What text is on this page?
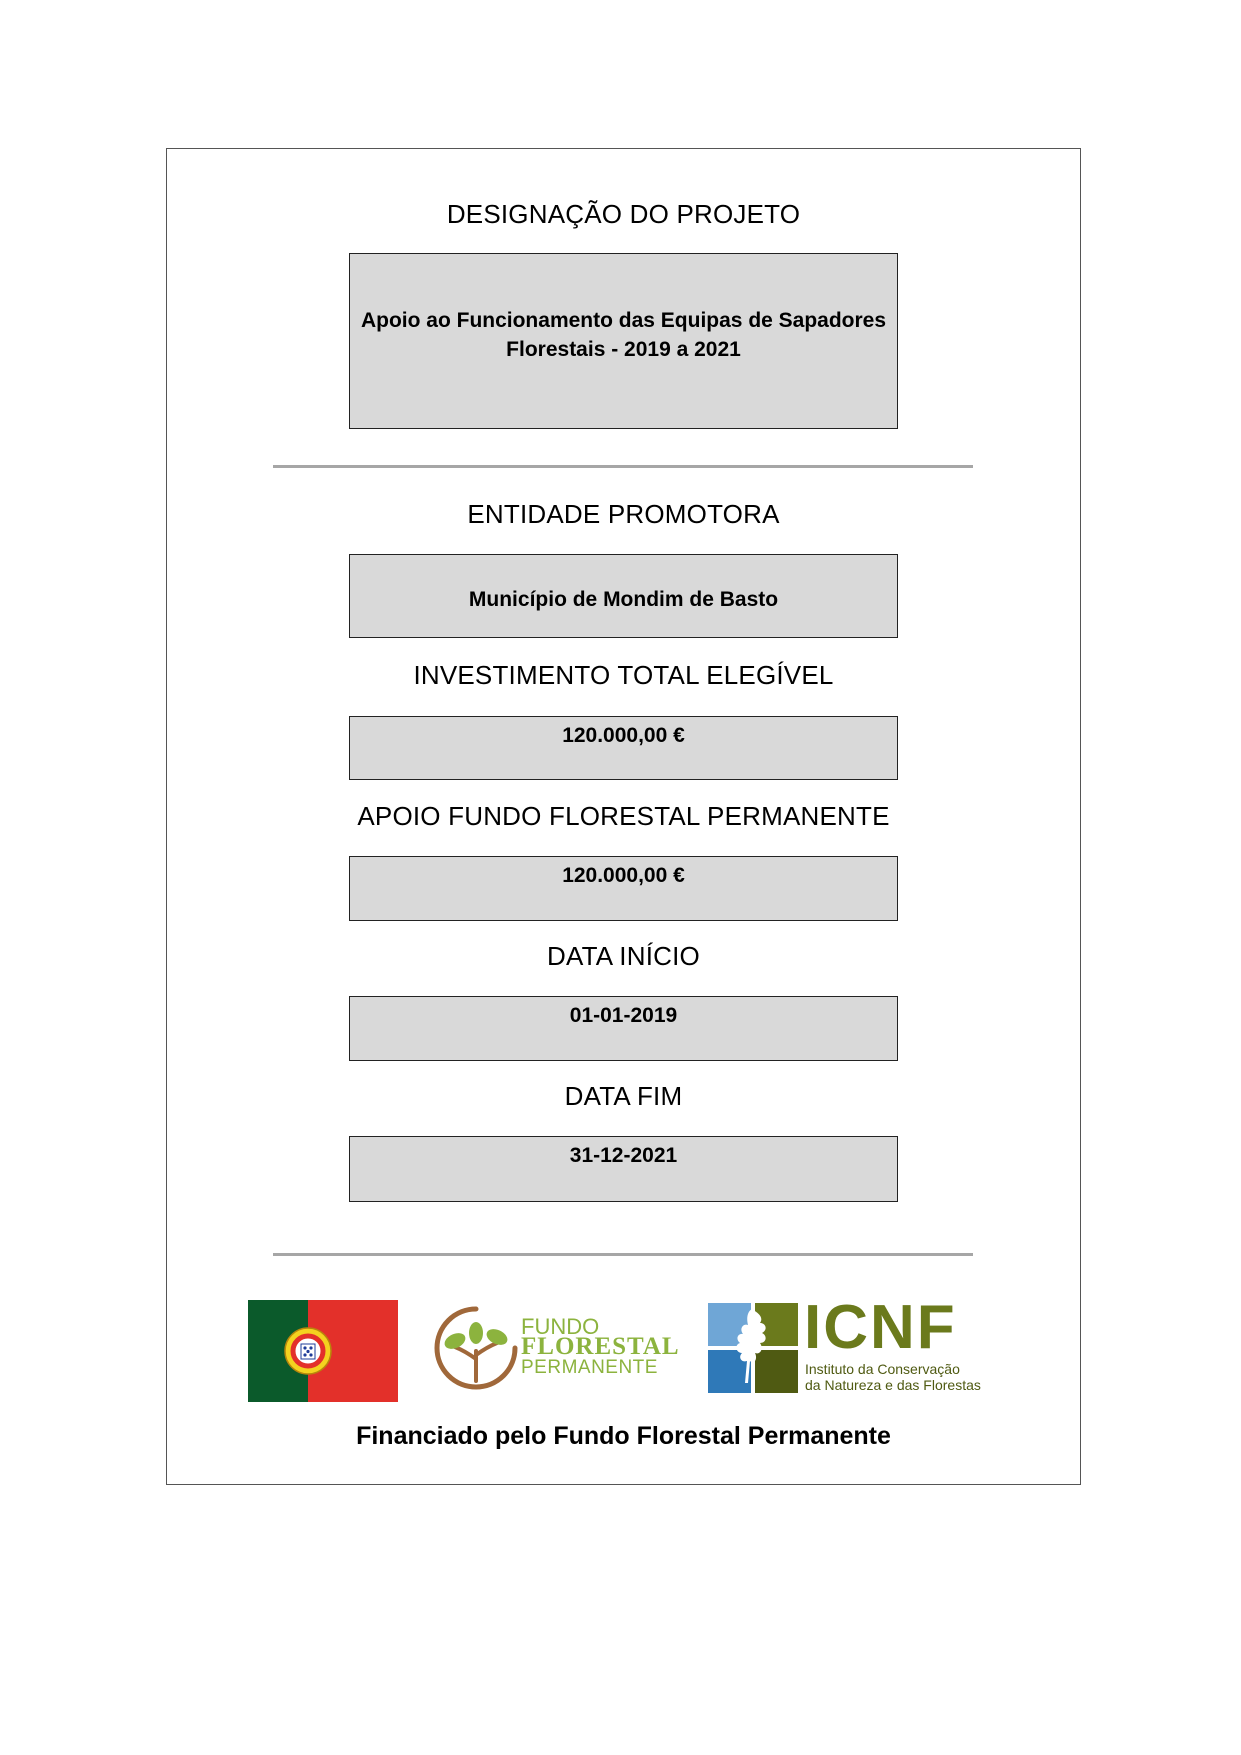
DESIGNAÇÃO DO PROJETO
Apoio ao Funcionamento das Equipas de Sapadores
Florestais - 2019 a 2021
ENTIDADE PROMOTORA
Município de Mondim de Basto
INVESTIMENTO TOTAL ELEGÍVEL
120.000,00 €
APOIO FUNDO FLORESTAL PERMANENTE
120.000,00 €
DATA INÍCIO
01-01-2019
DATA FIM
31-12-2021
FUNDO
FLORESTAL
PERMANENTE
ICNF
Instituto da Conservação
da Natureza e das Florestas
Financiado pelo Fundo Florestal Permanente
